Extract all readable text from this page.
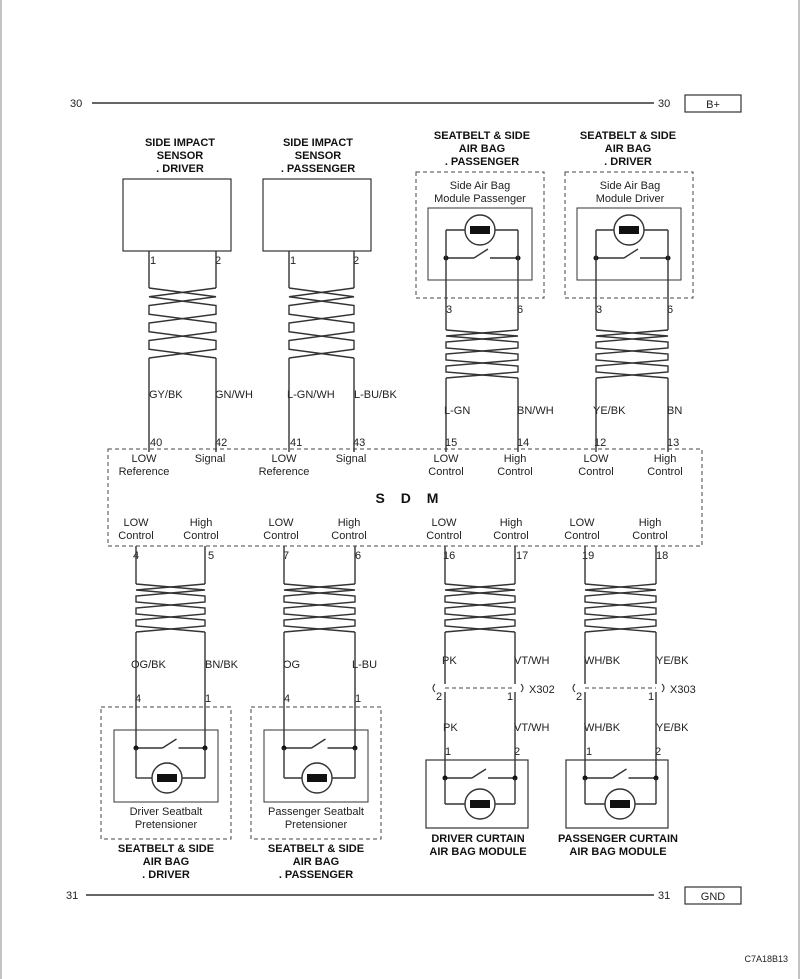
30	30	B+
31	31	GND
S D M
SIDE IMPACT
SENSOR
. DRIVER
1	2
GY/BK	GN/WH
40	42
LOW
Reference
Signal
SIDE IMPACT
SENSOR
. PASSENGER
1	2
L-GN/WH L-BU/BK
41	43
LOW
Reference
Signal
SEATBELT & SIDE
AIR BAG
. PASSENGER
Side Air Bag
Module Passenger
3	6
L-GN	BN/WH
15	14
LOW
Control
High
Control
SEATBELT & SIDE
AIR BAG
. DRIVER
Side Air Bag
Module Driver
3	6
YE/BK	BN
12	13
LOW
Control
High
Control
LOW
Control
High
Control
4	5
OG/BK	BN/BK
4	1
Driver Seatbalt
Pretensioner
SEATBELT & SIDE
AIR BAG
. DRIVER
LOW
Control
High
Control
7	6
OG	L-BU
4	1
Passenger Seatbalt
Pretensioner
SEATBELT & SIDE
AIR BAG
. PASSENGER
LOW
Control
High
Control
16	17
PK	VT/WH
2	1
X302
PK	VT/WH
1	2
DRIVER CURTAIN
AIR BAG MODULE
LOW
Control
High
Control
19	18
WH/BK	YE/BK
2	1
X303
WH/BK	YE/BK
1	2
PASSENGER CURTAIN
AIR BAG MODULE
C7A18B13
